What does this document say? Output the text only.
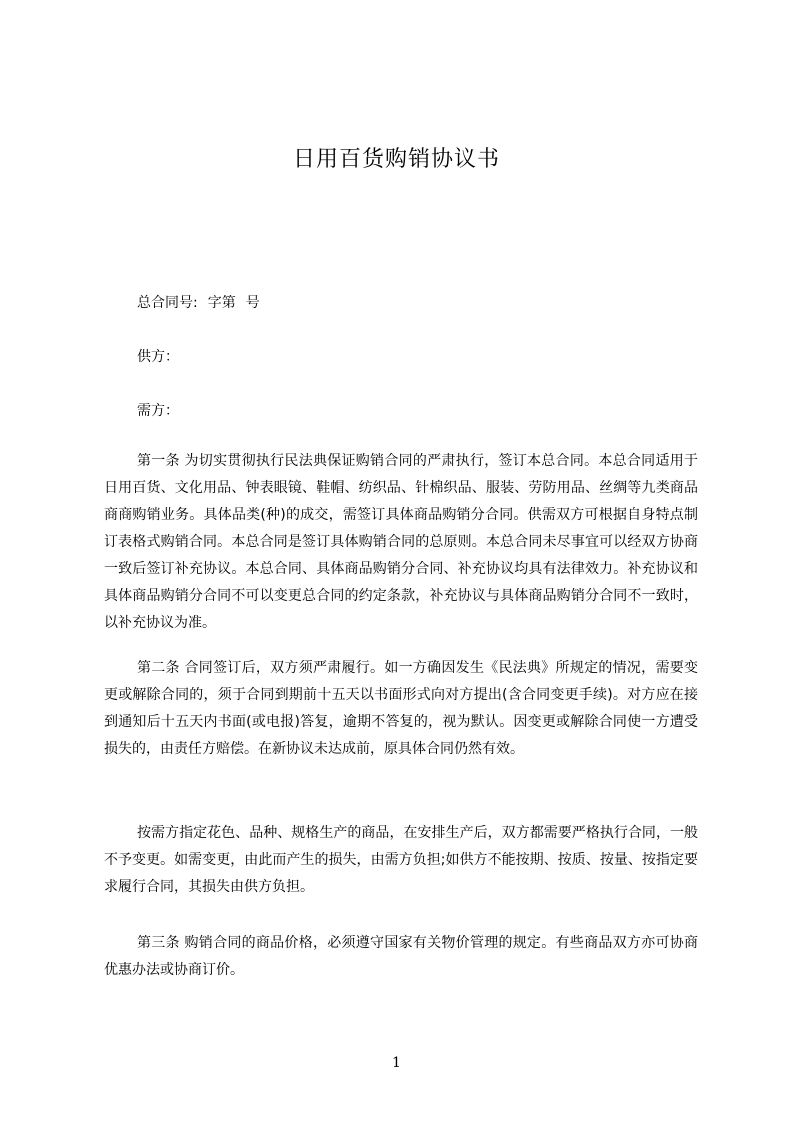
日用百货购销协议书

总合同号: 字第 号

供方：

需方：

第一条 为切实贯彻执行民法典保证购销合同的严肃执行，签订本总合同。本总合同适用于日用百货、文化用品、钟表眼镜、鞋帽、纺织品、针棉织品、服装、劳防用品、丝绸等九类商品商商购销业务。具体品类(种)的成交，需签订具体商品购销分合同。供需双方可根据自身特点制订表格式购销合同。本总合同是签订具体购销合同的总原则。本总合同未尽事宜可以经双方协商一致后签订补充协议。本总合同、具体商品购销分合同、补充协议均具有法律效力。补充协议和具体商品购销分合同不可以变更总合同的约定条款，补充协议与具体商品购销分合同不一致时，以补充协议为准。

第二条 合同签订后，双方须严肃履行。如一方确因发生《民法典》所规定的情况，需要变更或解除合同的，须于合同到期前十五天以书面形式向对方提出(含合同变更手续)。对方应在接到通知后十五天内书面(或电报)答复，逾期不答复的，视为默认。因变更或解除合同使一方遭受损失的，由责任方赔偿。在新协议未达成前，原具体合同仍然有效。

按需方指定花色、品种、规格生产的商品，在安排生产后，双方都需要严格执行合同，一般不予变更。如需变更，由此而产生的损失，由需方负担;如供方不能按期、按质、按量、按指定要求履行合同，其损失由供方负担。

第三条 购销合同的商品价格，必须遵守国家有关物价管理的规定。有些商品双方亦可协商优惠办法或协商订价。

1
